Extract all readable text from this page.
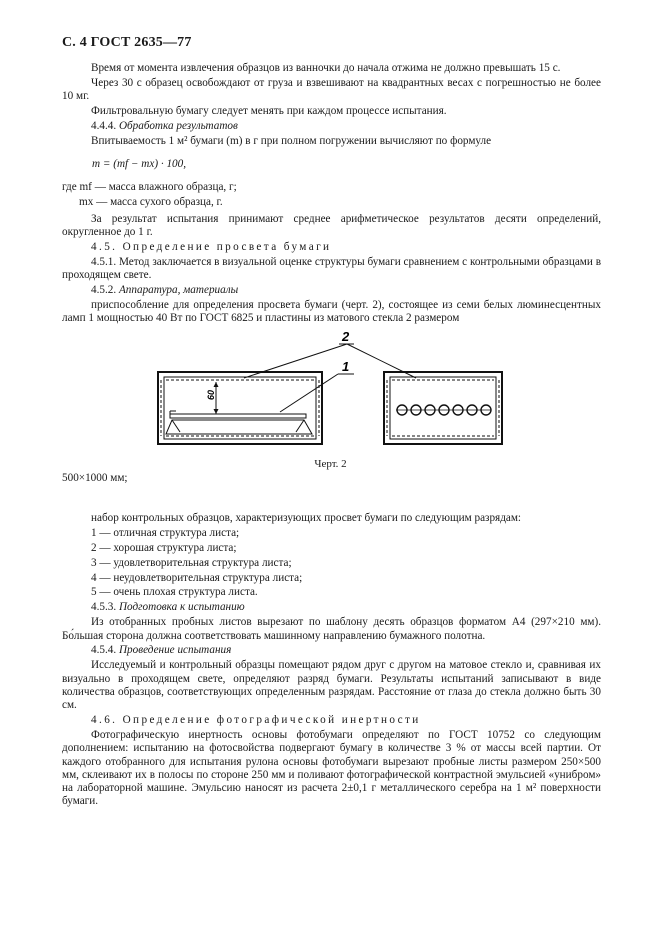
С. 4 ГОСТ 2635—77

Время от момента извлечения образцов из ванночки до начала отжима не должно превышать 15 с.

Через 30 с образец освобождают от груза и взвешивают на квадрантных весах с погрешностью не более 10 мг.

Фильтровальную бумагу следует менять при каждом процессе испытания.

4.4.4. Обработка результатов

Впитываемость 1 м² бумаги (m) в г при полном погружении вычисляют по формуле

m = (mf − mx) · 100,

где mf — масса влажного образца, г;

mx — масса сухого образца, г.

За результат испытания принимают среднее арифметическое результатов десяти определений, округленное до 1 г.

4.5. Определение просвета бумаги

4.5.1. Метод заключается в визуальной оценке структуры бумаги сравнением с контрольными образцами в проходящем свете.

4.5.2. Аппаратура, материалы

приспособление для определения просвета бумаги (черт. 2), состоящее из семи белых люминесцентных ламп 1 мощностью 40 Вт по ГОСТ 6825 и пластины из матового стекла 2 размером

60
2
1
Черт. 2

500×1000 мм;

набор контрольных образцов, характеризующих просвет бумаги по следующим разрядам:

1 — отличная структура листа;

2 — хорошая структура листа;

3 — удовлетворительная структура листа;

4 — неудовлетворительная структура листа;

5 — очень плохая структура листа.

4.5.3. Подготовка к испытанию

Из отобранных пробных листов вырезают по шаблону десять образцов форматом A4 (297×210 мм). Бо́льшая сторона должна соответствовать машинному направлению бумажного полотна.

4.5.4. Проведение испытания

Исследуемый и контрольный образцы помещают рядом друг с другом на матовое стекло и, сравнивая их визуально в проходящем свете, определяют разряд бумаги. Результаты испытаний записывают в виде количества образцов, соответствующих определенным разрядам. Расстояние от глаза до стекла должно быть 30 см.

4.6. Определение фотографической инертности

Фотографическую инертность основы фотобумаги определяют по ГОСТ 10752 со следующим дополнением: испытанию на фотосвойства подвергают бумагу в количестве 3 % от массы всей партии. От каждого отобранного для испытания рулона основы фотобумаги вырезают пробные листы размером 250×500 мм, склеивают их в полосы по стороне 250 мм и поливают фотографической контрастной эмульсией «унибром» на лабораторной машине. Эмульсию наносят из расчета 2±0,1 г металлического серебра на 1 м² поверхности бумаги.
